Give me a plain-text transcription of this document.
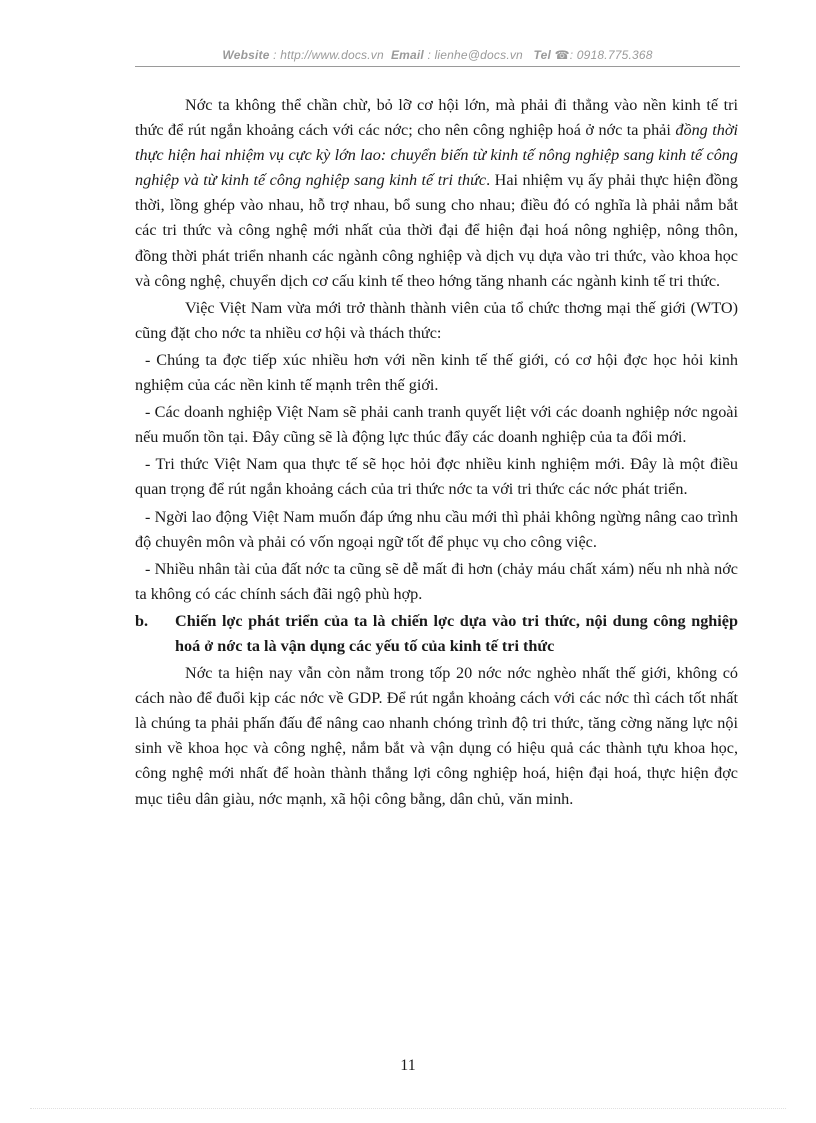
Website : http://www.docs.vn Email : lienhe@docs.vn Tel ☎: 0918.775.368

Nớc ta không thể chần chừ, bỏ lỡ cơ hội lớn, mà phải đi thẳng vào nền kinh tế tri thức để rút ngắn khoảng cách với các nớc; cho nên công nghiệp hoá ở nớc ta phải đồng thời thực hiện hai nhiệm vụ cực kỳ lớn lao: chuyển biến từ kinh tế nông nghiệp sang kinh tế công nghiệp và từ kinh tế công nghiệp sang kinh tế tri thức. Hai nhiệm vụ ấy phải thực hiện đồng thời, lồng ghép vào nhau, hỗ trợ nhau, bổ sung cho nhau; điều đó có nghĩa là phải nắm bắt các tri thức và công nghệ mới nhất của thời đại để hiện đại hoá nông nghiệp, nông thôn, đồng thời phát triển nhanh các ngành công nghiệp và dịch vụ dựa vào tri thức, vào khoa học và công nghệ, chuyển dịch cơ cấu kinh tế theo hớng tăng nhanh các ngành kinh tế tri thức.

Việc Việt Nam vừa mới trở thành thành viên của tổ chức thơng mại thế giới (WTO) cũng đặt cho nớc ta nhiều cơ hội và thách thức:

- Chúng ta đợc tiếp xúc nhiều hơn với nền kinh tế thế giới, có cơ hội đợc học hỏi kinh nghiệm của các nền kinh tế mạnh trên thế giới.

- Các doanh nghiệp Việt Nam sẽ phải canh tranh quyết liệt với các doanh nghiệp nớc ngoài nếu muốn tồn tại. Đây cũng sẽ là động lực thúc đẩy các doanh nghiệp của ta đổi mới.

- Tri thức Việt Nam qua thực tế sẽ học hỏi đợc nhiều kinh nghiệm mới. Đây là một điều quan trọng để rút ngắn khoảng cách của tri thức nớc ta với tri thức các nớc phát triển.

- Ngời lao động Việt Nam muốn đáp ứng nhu cầu mới thì phải không ngừng nâng cao trình độ chuyên môn và phải có vốn ngoại ngữ tốt để phục vụ cho công việc.

- Nhiều nhân tài của đất nớc ta cũng sẽ dễ mất đi hơn (chảy máu chất xám) nếu nh nhà nớc ta không có các chính sách đãi ngộ phù hợp.

b. Chiến lợc phát triển của ta là chiến lợc dựa vào tri thức, nội dung công nghiệp hoá ở nớc ta là vận dụng các yếu tố của kinh tế tri thức

Nớc ta hiện nay vẫn còn nằm trong tốp 20 nớc nớc nghèo nhất thế giới, không có cách nào để đuổi kịp các nớc về GDP. Để rút ngắn khoảng cách với các nớc thì cách tốt nhất là chúng ta phải phấn đấu để nâng cao nhanh chóng trình độ tri thức, tăng cờng năng lực nội sinh về khoa học và công nghệ, nắm bắt và vận dụng có hiệu quả các thành tựu khoa học, công nghệ mới nhất để hoàn thành thắng lợi công nghiệp hoá, hiện đại hoá, thực hiện đợc mục tiêu dân giàu, nớc mạnh, xã hội công bằng, dân chủ, văn minh.

11
